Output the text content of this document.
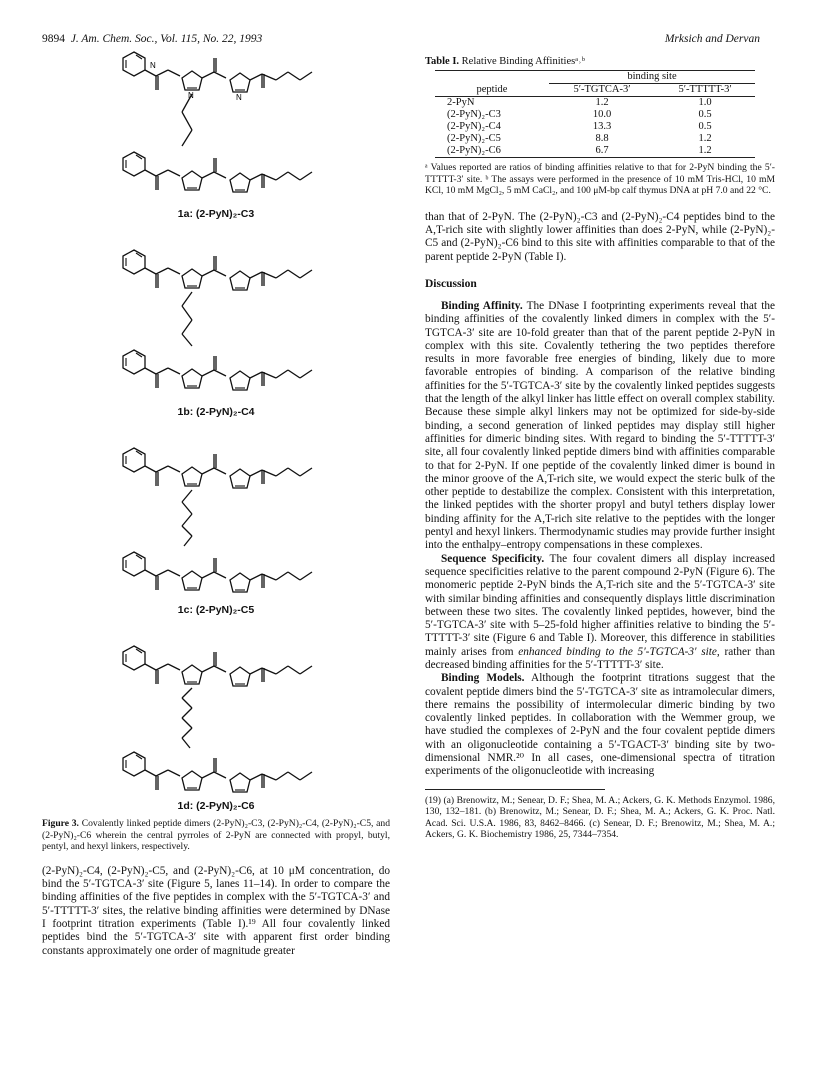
9894 J. Am. Chem. Soc., Vol. 115, No. 22, 1993	Mrksich and Dervan
N
N	N
1a: (2-PyN)₂-C3
1b: (2-PyN)₂-C4
1c: (2-PyN)₂-C5
1d: (2-PyN)₂-C6

Figure 3. Covalently linked peptide dimers (2-PyN)₂-C3, (2-PyN)₂-C4, (2-PyN)₂-C5, and (2-PyN)₂-C6 wherein the central pyrroles of 2-PyN are connected with propyl, butyl, pentyl, and hexyl linkers, respectively.

(2-PyN)₂-C4, (2-PyN)₂-C5, and (2-PyN)₂-C6, at 10 μM concentration, do bind the 5′-TGTCA-3′ site (Figure 5, lanes 11–14). In order to compare the binding affinities of the five peptides in complex with the 5′-TGTCA-3′ and 5′-TTTTT-3′ sites, the relative binding affinities were determined by DNase I footprint titration experiments (Table I).¹⁹ All four covalently linked peptides bind the 5′-TGTCA-3′ site with apparent first order binding constants approximately one order of magnitude greater

Table I. Relative Binding Affinitiesᵃ˒ᵇ
	binding site	
peptide	5′-TGTCA-3′	5′-TTTTT-3′
2-PyN	1.2	1.0
(2-PyN)₂-C3	10.0	0.5
(2-PyN)₂-C4	13.3	0.5
(2-PyN)₂-C5	8.8	1.2
(2-PyN)₂-C6	6.7	1.2

ᵃ Values reported are ratios of binding affinities relative to that for 2-PyN binding the 5′-TTTTT-3′ site. ᵇ The assays were performed in the presence of 10 mM Tris-HCl, 10 mM KCl, 10 mM MgCl₂, 5 mM CaCl₂, and 100 μM-bp calf thymus DNA at pH 7.0 and 22 °C.

than that of 2-PyN. The (2-PyN)₂-C3 and (2-PyN)₂-C4 peptides bind to the A,T-rich site with slightly lower affinities than does 2-PyN, while (2-PyN)₂-C5 and (2-PyN)₂-C6 bind to this site with affinities comparable to that of the parent peptide 2-PyN (Table I).

Discussion

Binding Affinity. The DNase I footprinting experiments reveal that the binding affinities of the covalently linked dimers in complex with the 5′-TGTCA-3′ site are 10-fold greater than that of the parent peptide 2-PyN in complex with this site. Covalently tethering the two peptides therefore results in more favorable free energies of binding, likely due to more favorable entropies of binding. A comparison of the relative binding affinities for the 5′-TGTCA-3′ site by the covalently linked peptides suggests that the length of the alkyl linker has little effect on overall complex stability. Because these simple alkyl linkers may not be optimized for side-by-side binding, a second generation of linked peptides may display still higher affinities for dimeric binding sites. With regard to binding the 5′-TTTTT-3′ site, all four covalently linked peptide dimers bind with affinities comparable to that for 2-PyN. If one peptide of the covalently linked dimer is bound in the minor groove of the A,T-rich site, we would expect the steric bulk of the other peptide to destabilize the complex. Consistent with this interpretation, the linked peptides with the shorter propyl and butyl tethers display lower binding affinity for the A,T-rich site relative to the peptides with the longer pentyl and hexyl linkers. Thermodynamic studies may provide further insight into the enthalpy–entropy compensations in these complexes.

Sequence Specificity. The four covalent dimers all display increased sequence specificities relative to the parent compound 2-PyN (Figure 6). The monomeric peptide 2-PyN binds the A,T-rich site and the 5′-TGTCA-3′ site with similar binding affinities and consequently displays little discrimination between these two sites. The covalently linked peptides, however, bind the 5′-TGTCA-3′ site with 5–25-fold higher affinities relative to binding the 5′-TTTTT-3′ site (Figure 6 and Table I). Moreover, this difference in stabilities mainly arises from enhanced binding to the 5′-TGTCA-3′ site, rather than decreased binding affinities for the 5′-TTTTT-3′ site.

Binding Models. Although the footprint titrations suggest that the covalent peptide dimers bind the 5′-TGTCA-3′ site as intramolecular dimers, there remains the possibility of intermolecular dimeric binding by two covalently linked peptides. In collaboration with the Wemmer group, we have studied the complexes of 2-PyN and the four covalent peptide dimers with an oligonucleotide containing a 5′-TGACT-3′ binding site by two-dimensional NMR.²⁰ In all cases, one-dimensional spectra of titration experiments of the oligonucleotide with increasing

(19) (a) Brenowitz, M.; Senear, D. F.; Shea, M. A.; Ackers, G. K. Methods Enzymol. 1986, 130, 132–181. (b) Brenowitz, M.; Senear, D. F.; Shea, M. A.; Ackers, G. K. Proc. Natl. Acad. Sci. U.S.A. 1986, 83, 8462–8466. (c) Senear, D. F.; Brenowitz, M.; Shea, M. A.; Ackers, G. K. Biochemistry 1986, 25, 7344–7354.
